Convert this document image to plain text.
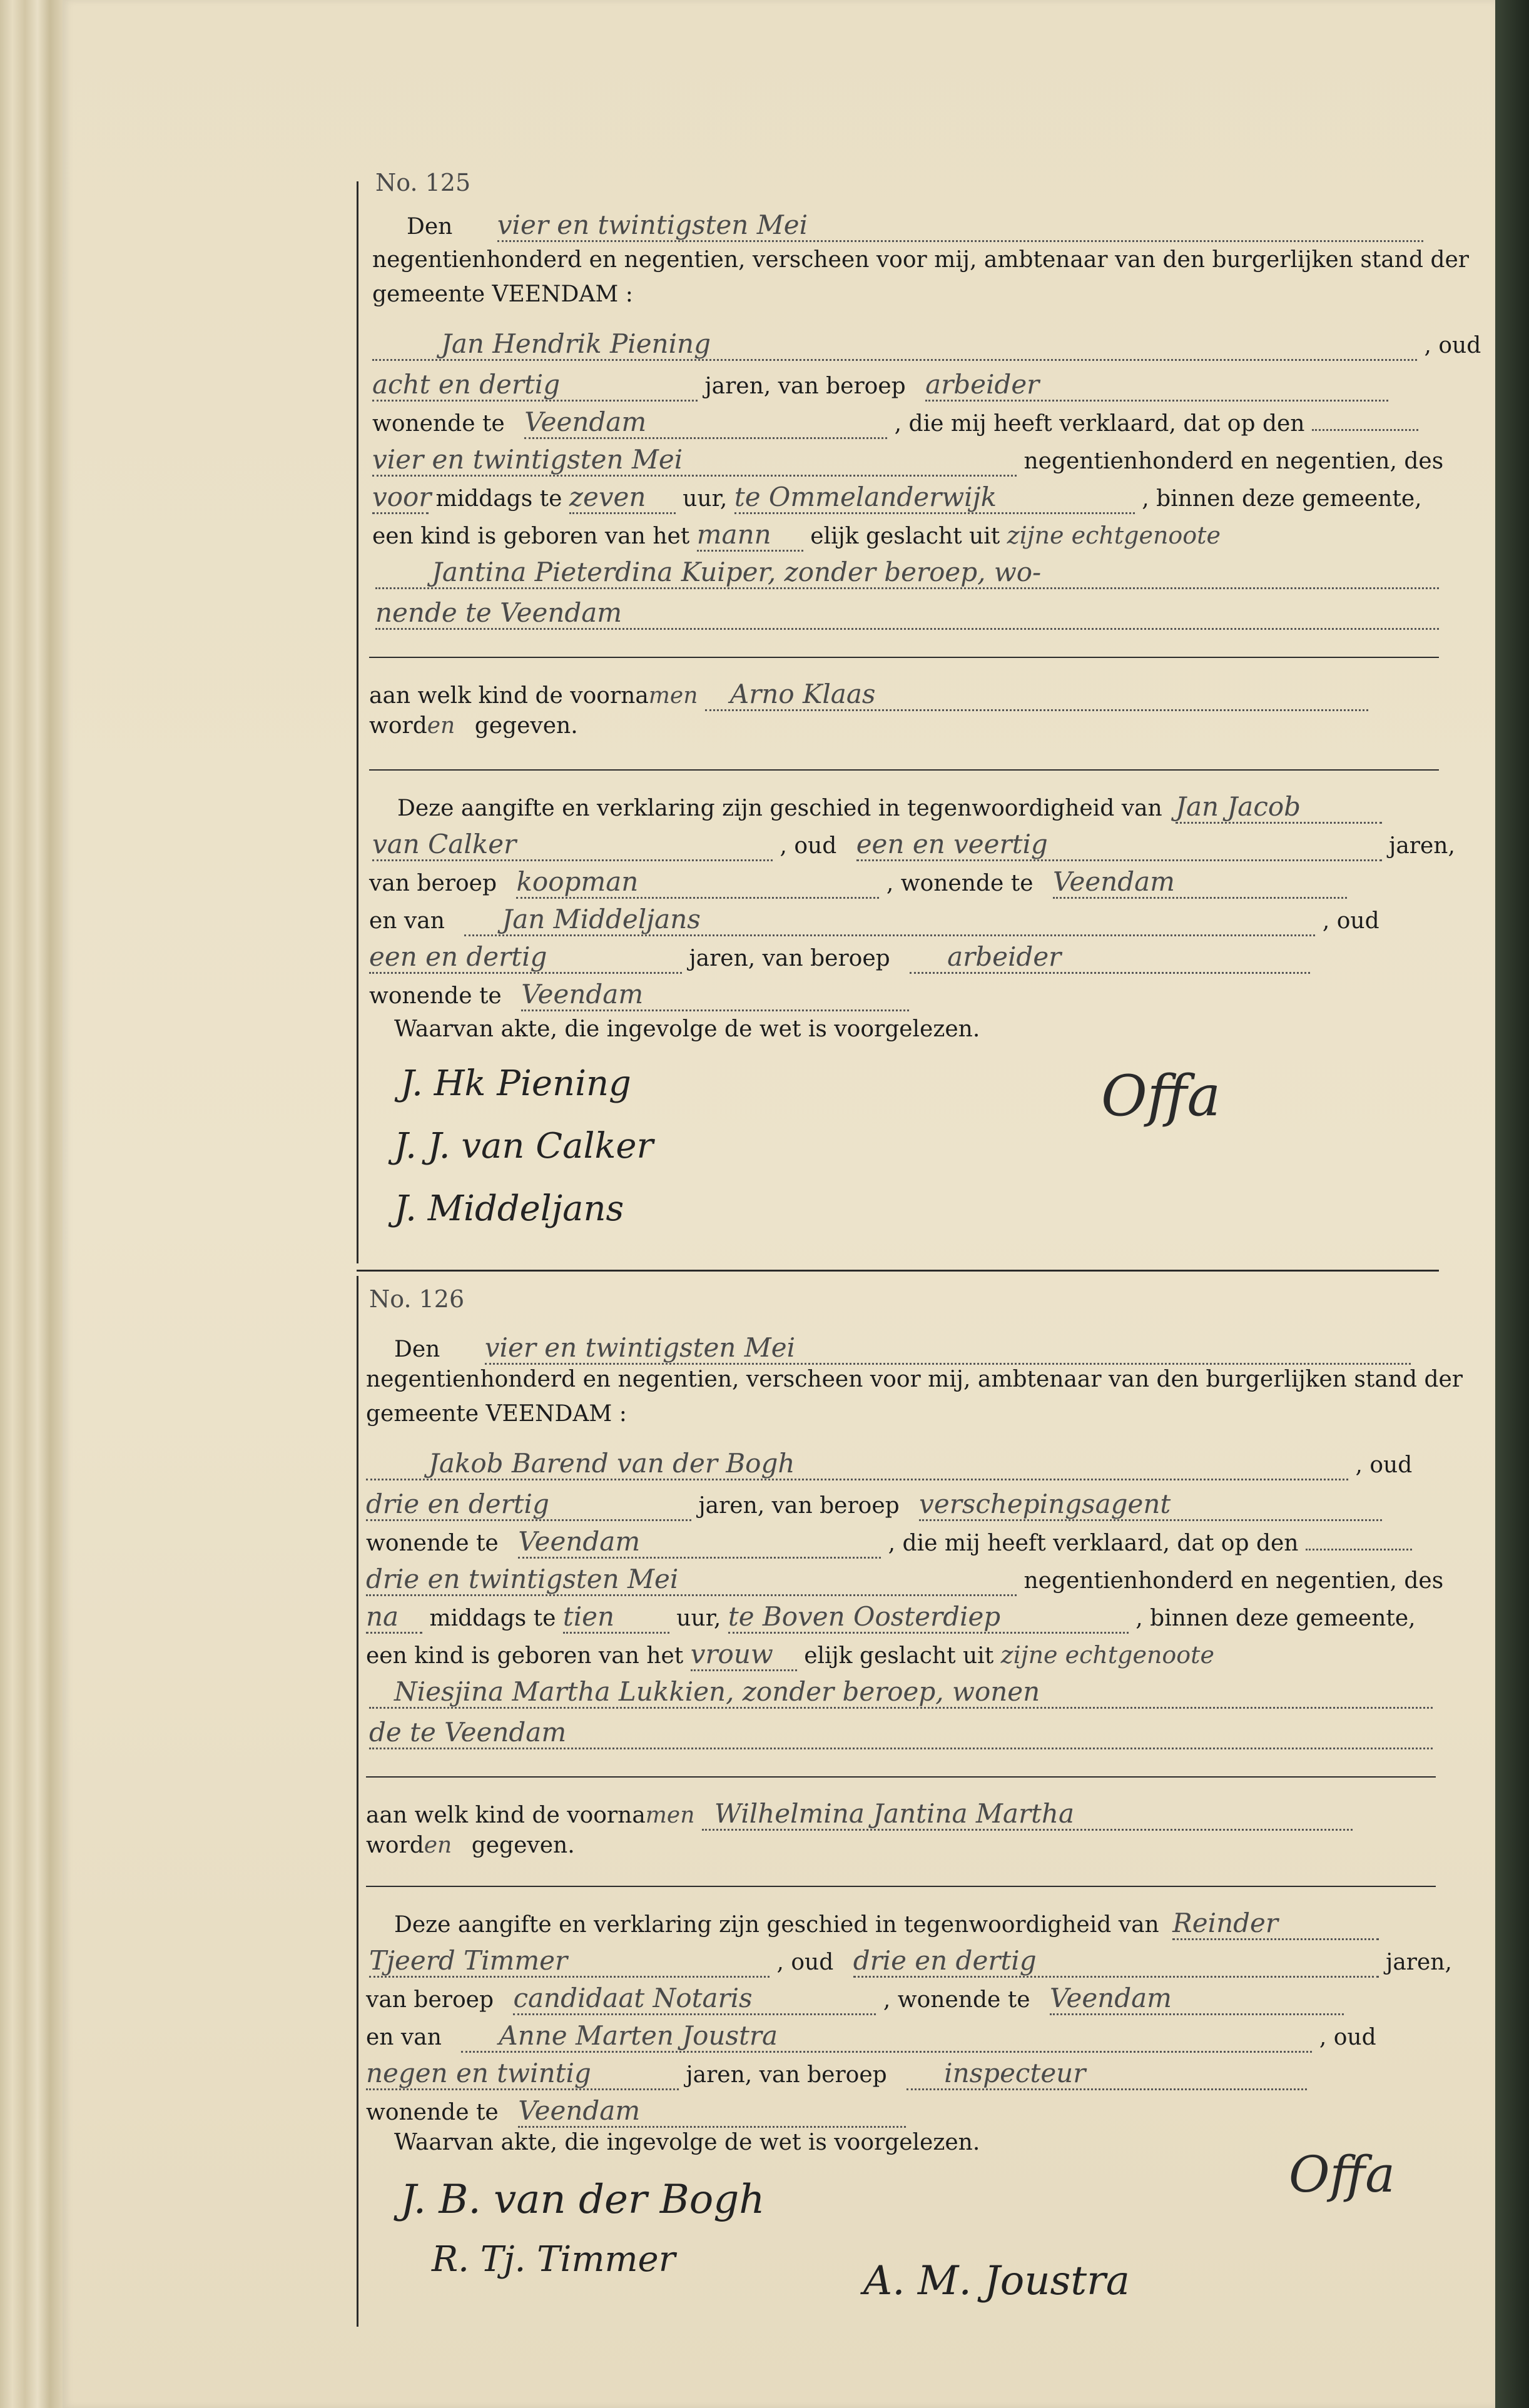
No. 125
Den vier en twintigsten Mei
negentienhonderd en negentien, verscheen voor mij, ambtenaar van den burgerlijken stand der
gemeente VEENDAM :
Jan Hendrik Piening	, oud
acht en dertig	jaren, van beroep arbeider
wonende te Veendam	, die mij heeft verklaard, dat op den
vier en twintigsten Mei	negentienhonderd en negentien, des
voor middags te zeven uur, te Ommelanderwijk	, binnen deze gemeente,
een kind is geboren van het mann elijk geslacht uit zijne echtgenoote
Jantina Pieterdina Kuiper, zonder beroep, wo-
nende te Veendam
aan welk kind de voornamen Arno Klaas
worden gegeven.
Deze aangifte en verklaring zijn geschied in tegenwoordigheid van Jan Jacob
van Calker	, oud een en veertig	jaren,
van beroep koopman	, wonende te Veendam
en van Jan Middeljans	, oud
een en dertig	jaren, van beroep arbeider
wonende te Veendam
Waarvan akte, die ingevolge de wet is voorgelezen.
J. Hk Piening
J. J. van Calker
J. Middeljans
Offa
No. 126
Den vier en twintigsten Mei
negentienhonderd en negentien, verscheen voor mij, ambtenaar van den burgerlijken stand der
gemeente VEENDAM :
Jakob Barend van der Bogh	, oud
drie en dertig	jaren, van beroep verschepingsagent
wonende te Veendam	, die mij heeft verklaard, dat op den
drie en twintigsten Mei	negentienhonderd en negentien, des
na middags te tien	uur, te Boven Oosterdiep	, binnen deze gemeente,
een kind is geboren van het vrouw elijk geslacht uit zijne echtgenoote
Niesjina Martha Lukkien, zonder beroep, wonen
de te Veendam
aan welk kind de voornamen Wilhelmina Jantina Martha
worden gegeven.
Deze aangifte en verklaring zijn geschied in tegenwoordigheid van Reinder
Tjeerd Timmer	, oud drie en dertig	jaren,
van beroep candidaat Notaris	, wonende te Veendam
en van Anne Marten Joustra	, oud
negen en twintig	jaren, van beroep inspecteur
wonende te Veendam
Waarvan akte, die ingevolge de wet is voorgelezen.
J. B. van der Bogh
R. Tj. Timmer	A. M. Joustra
Offa
